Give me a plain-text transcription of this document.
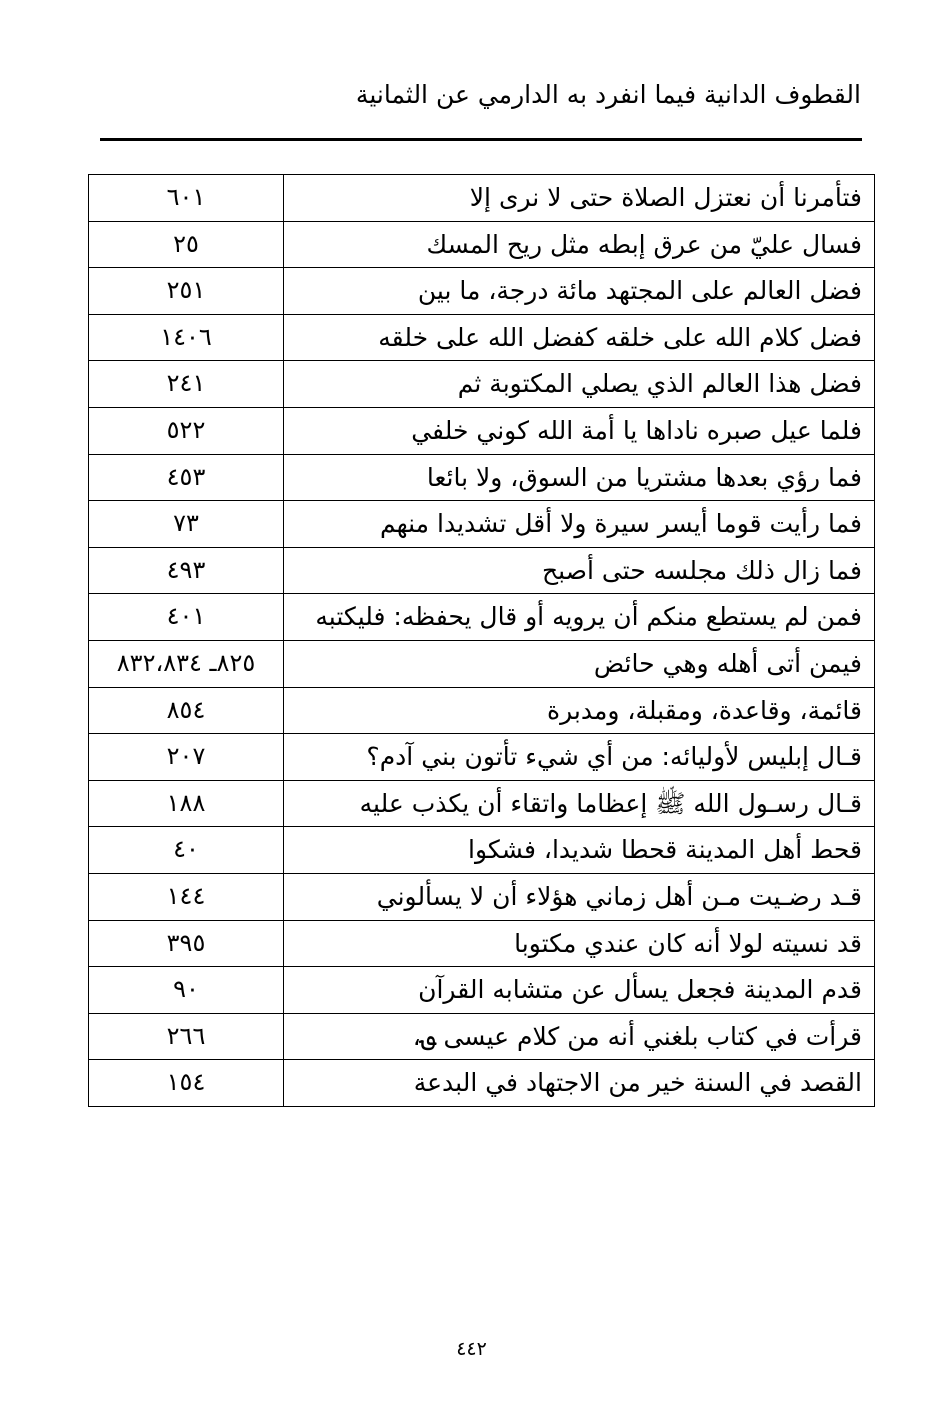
القطوف الدانية فيما انفرد به الدارمي عن الثمانية
فتأمرنا أن نعتزل الصلاة حتى لا نرى إلا	٦٠١
فسال عليّ من عرق إبطه مثل ريح المسك	٢٥
فضل العالم على المجتهد مائة درجة، ما بين	٢٥١
فضل كلام الله على خلقه كفضل الله على خلقه	١٤٠٦
فضل هذا العالم الذي يصلي المكتوبة ثم	٢٤١
فلما عيل صبره ناداها يا أمة الله كوني خلفي	٥٢٢
فما رؤي بعدها مشتريا من السوق، ولا بائعا	٤٥٣
فما رأيت قوما أيسر سيرة ولا أقل تشديدا منهم	٧٣
فما زال ذلك مجلسه حتى أصبح	٤٩٣
فمن لم يستطع منكم أن يرويه أو قال يحفظه: فليكتبه	٤٠١
فيمن أتى أهله وهي حائض	٨٢٥ـ ٨٣٢،٨٣٤
قائمة، وقاعدة، ومقبلة، ومدبرة	٨٥٤
قـال إبليس لأوليائه: من أي شيء تأتون بني آدم؟	٢٠٧
قـال رسـول الله ﷺ إعظاما واتقاء أن يكذب عليه	١٨٨
قحط أهل المدينة قحطا شديدا، فشكوا	٤٠
قـد رضـيت مـن أهل زماني هؤلاء أن لا يسألوني	١٤٤
قد نسيته لولا أنه كان عندي مكتوبا	٣٩٥
قدم المدينة فجعل يسأل عن متشابه القرآن	٩٠
قرأت في كتاب بلغني أنه من كلام عيسى ؈،	٢٦٦
القصد في السنة خير من الاجتهاد في البدعة	١٥٤
٤٤٢
